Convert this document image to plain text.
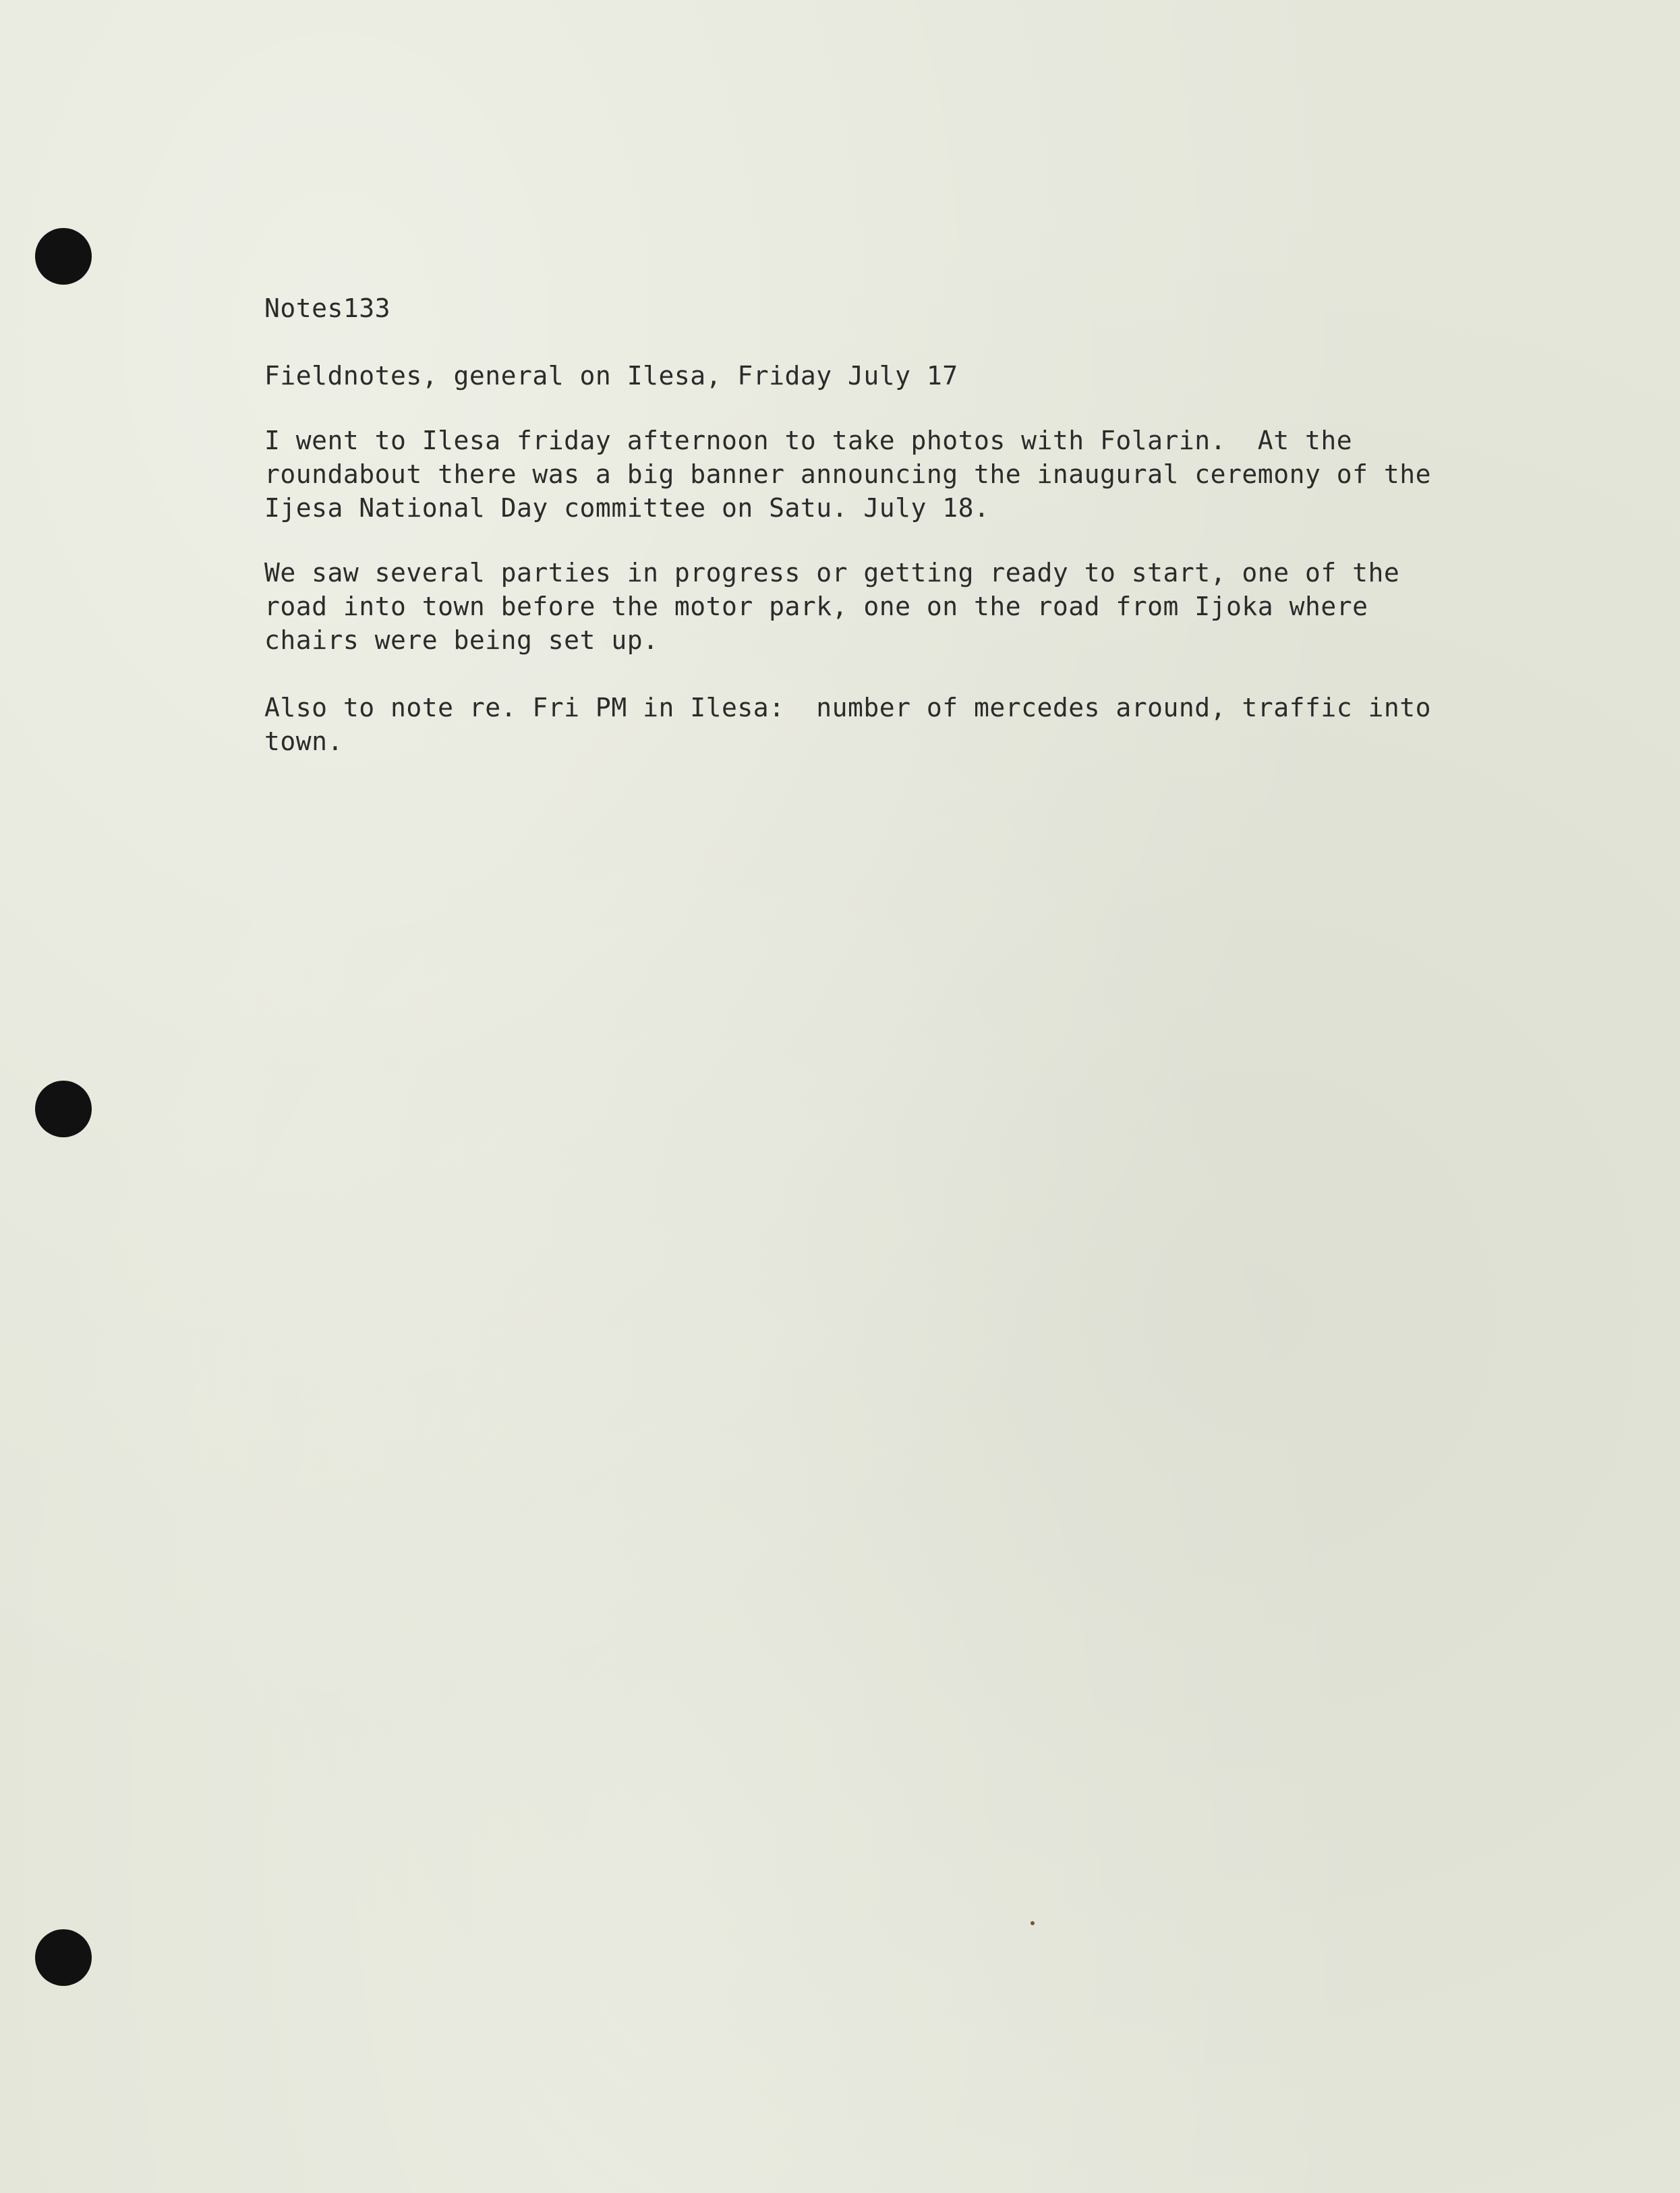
Notes133
Fieldnotes, general on Ilesa, Friday July 17
I went to Ilesa friday afternoon to take photos with Folarin.  At the
roundabout there was a big banner announcing the inaugural ceremony of the
Ijesa National Day committee on Satu. July 18.
We saw several parties in progress or getting ready to start, one of the
road into town before the motor park, one on the road from Ijoka where
chairs were being set up.
Also to note re. Fri PM in Ilesa:  number of mercedes around, traffic into
town.
